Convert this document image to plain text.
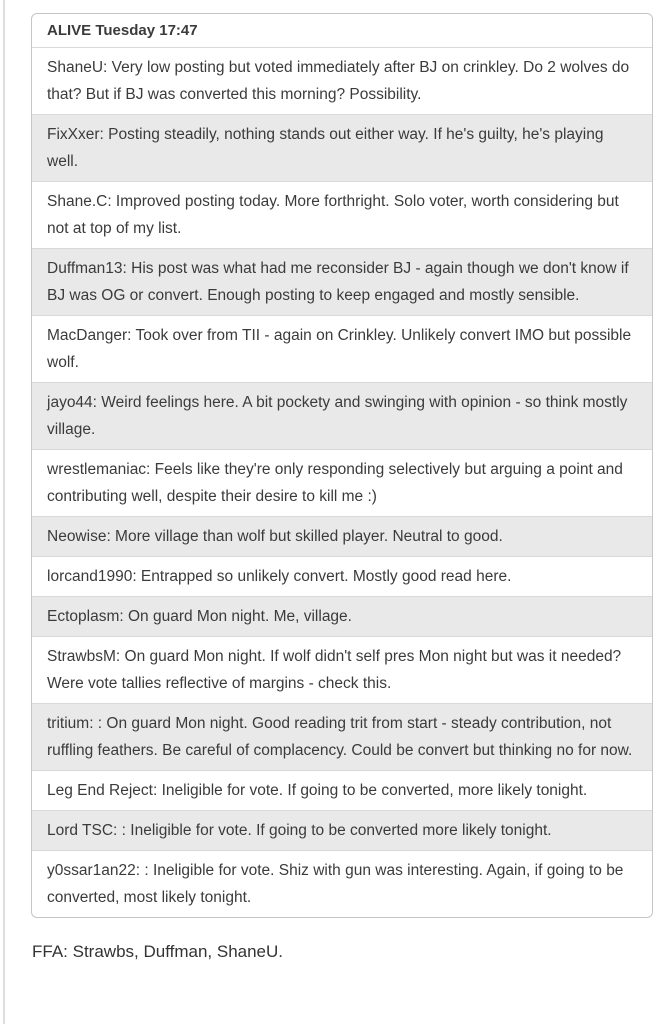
ALIVE Tuesday 17:47
ShaneU: Very low posting but voted immediately after BJ on crinkley. Do 2 wolves do that? But if BJ was converted this morning? Possibility.
FixXxer: Posting steadily, nothing stands out either way. If he's guilty, he's playing well.
Shane.C: Improved posting today. More forthright. Solo voter, worth considering but not at top of my list.
Duffman13: His post was what had me reconsider BJ - again though we don't know if BJ was OG or convert. Enough posting to keep engaged and mostly sensible.
MacDanger: Took over from TII - again on Crinkley. Unlikely convert IMO but possible wolf.
jayo44: Weird feelings here. A bit pockety and swinging with opinion - so think mostly village.
wrestlemaniac: Feels like they're only responding selectively but arguing a point and contributing well, despite their desire to kill me :)
Neowise: More village than wolf but skilled player. Neutral to good.
lorcand1990: Entrapped so unlikely convert. Mostly good read here.
Ectoplasm: On guard Mon night. Me, village.
StrawbsM: On guard Mon night. If wolf didn't self pres Mon night but was it needed? Were vote tallies reflective of margins - check this.
tritium: : On guard Mon night. Good reading trit from start - steady contribution, not ruffling feathers. Be careful of complacency. Could be convert but thinking no for now.
Leg End Reject: Ineligible for vote. If going to be converted, more likely tonight.
Lord TSC: : Ineligible for vote. If going to be converted more likely tonight.
y0ssar1an22: : Ineligible for vote. Shiz with gun was interesting. Again, if going to be converted, most likely tonight.

FFA: Strawbs, Duffman, ShaneU.
